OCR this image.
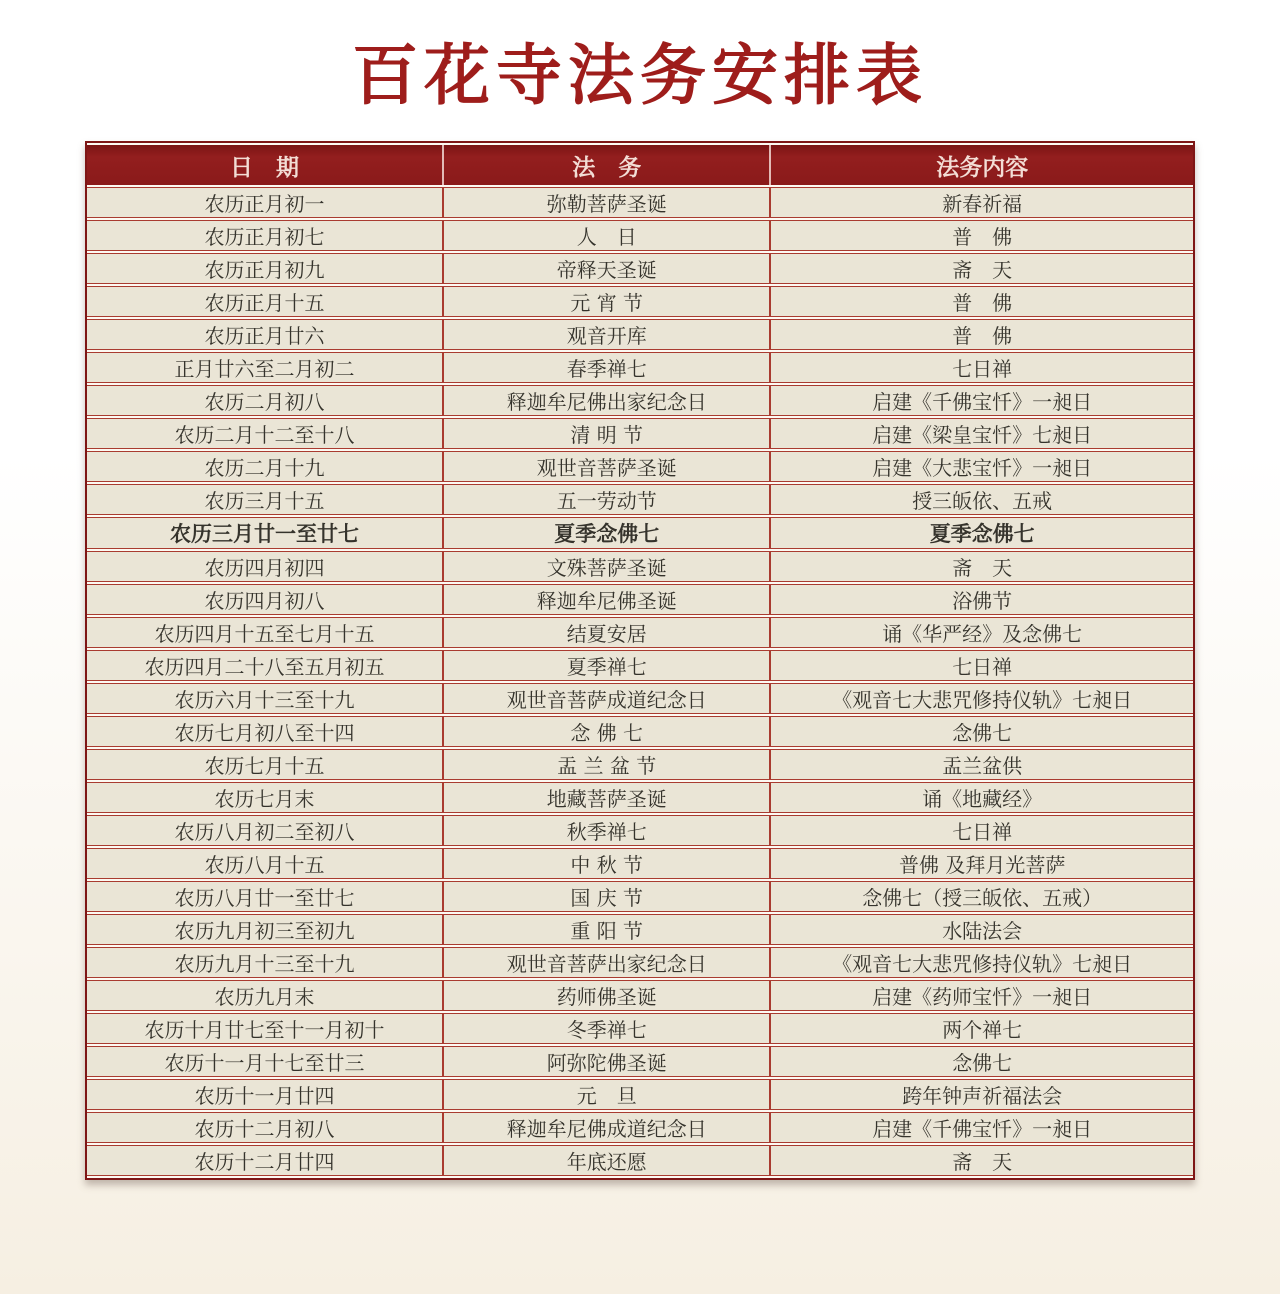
百花寺法务安排表
日　期	法　务	法务内容
农历正月初一	弥勒菩萨圣诞	新春祈福
农历正月初七	人　日	普　佛
农历正月初九	帝释天圣诞	斋　天
农历正月十五	元 宵 节	普　佛
农历正月廿六	观音开库	普　佛
正月廿六至二月初二	春季禅七	七日禅
农历二月初八	释迦牟尼佛出家纪念日	启建《千佛宝忏》一昶日
农历二月十二至十八	清 明 节	启建《梁皇宝忏》七昶日
农历二月十九	观世音菩萨圣诞	启建《大悲宝忏》一昶日
农历三月十五	五一劳动节	授三皈依、五戒
农历三月廿一至廿七	夏季念佛七	夏季念佛七
农历四月初四	文殊菩萨圣诞	斋　天
农历四月初八	释迦牟尼佛圣诞	浴佛节
农历四月十五至七月十五	结夏安居	诵《华严经》及念佛七
农历四月二十八至五月初五	夏季禅七	七日禅
农历六月十三至十九	观世音菩萨成道纪念日	《观音七大悲咒修持仪轨》七昶日
农历七月初八至十四	念 佛 七	念佛七
农历七月十五	盂 兰 盆 节	盂兰盆供
农历七月末	地藏菩萨圣诞	诵《地藏经》
农历八月初二至初八	秋季禅七	七日禅
农历八月十五	中 秋 节	普佛 及拜月光菩萨
农历八月廿一至廿七	国 庆 节	念佛七（授三皈依、五戒）
农历九月初三至初九	重 阳 节	水陆法会
农历九月十三至十九	观世音菩萨出家纪念日	《观音七大悲咒修持仪轨》七昶日
农历九月末	药师佛圣诞	启建《药师宝忏》一昶日
农历十月廿七至十一月初十	冬季禅七	两个禅七
农历十一月十七至廿三	阿弥陀佛圣诞	念佛七
农历十一月廿四	元　旦	跨年钟声祈福法会
农历十二月初八	释迦牟尼佛成道纪念日	启建《千佛宝忏》一昶日
农历十二月廿四	年底还愿	斋　天
